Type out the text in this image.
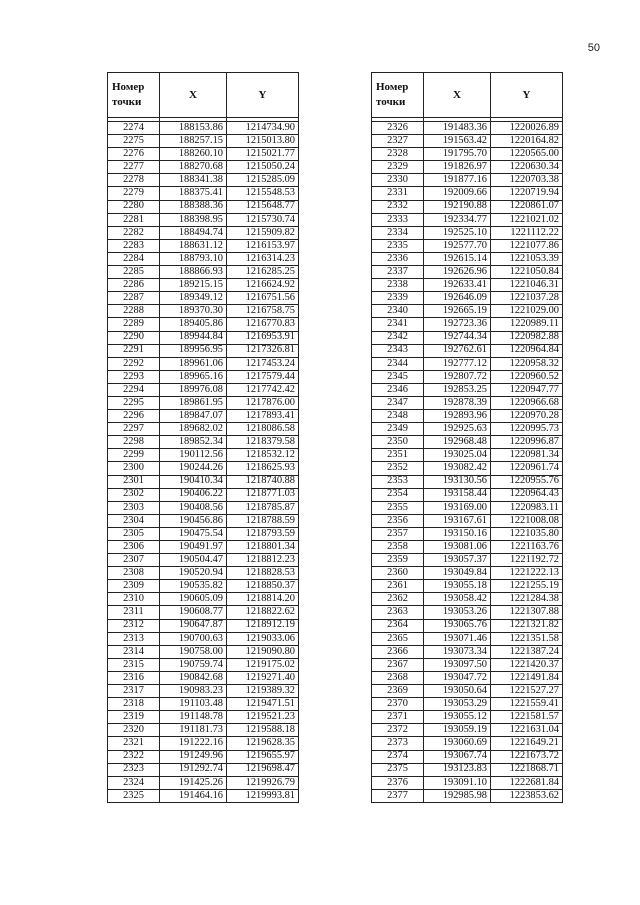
50
Номер
точки	X	Y

2274	188153.86	1214734.90
2275	188257.15	1215013.80
2276	188260.10	1215021.77
2277	188270.68	1215050.24
2278	188341.38	1215285.09
2279	188375.41	1215548.53
2280	188388.36	1215648.77
2281	188398.95	1215730.74
2282	188494.74	1215909.82
2283	188631.12	1216153.97
2284	188793.10	1216314.23
2285	188866.93	1216285.25
2286	189215.15	1216624.92
2287	189349.12	1216751.56
2288	189370.30	1216758.75
2289	189405.86	1216770.83
2290	189944.84	1216953.91
2291	189956.95	1217326.81
2292	189961.06	1217453.24
2293	189965.16	1217579.44
2294	189976.08	1217742.42
2295	189861.95	1217876.00
2296	189847.07	1217893.41
2297	189682.02	1218086.58
2298	189852.34	1218379.58
2299	190112.56	1218532.12
2300	190244.26	1218625.93
2301	190410.34	1218740.88
2302	190406.22	1218771.03
2303	190408.56	1218785.87
2304	190456.86	1218788.59
2305	190475.54	1218793.59
2306	190491.97	1218801.34
2307	190504.47	1218812.23
2308	190520.94	1218828.53
2309	190535.82	1218850.37
2310	190605.09	1218814.20
2311	190608.77	1218822.62
2312	190647.87	1218912.19
2313	190700.63	1219033.06
2314	190758.00	1219090.80
2315	190759.74	1219175.02
2316	190842.68	1219271.40
2317	190983.23	1219389.32
2318	191103.48	1219471.51
2319	191148.78	1219521.23
2320	191181.73	1219588.18
2321	191222.16	1219628.35
2322	191249.96	1219655.97
2323	191292.74	1219698.47
2324	191425.26	1219926.79
2325	191464.16	1219993.81
Номер
точки	X	Y

2326	191483.36	1220026.89
2327	191563.42	1220164.82
2328	191795.70	1220565.00
2329	191826.97	1220630.34
2330	191877.16	1220703.38
2331	192009.66	1220719.94
2332	192190.88	1220861.07
2333	192334.77	1221021.02
2334	192525.10	1221112.22
2335	192577.70	1221077.86
2336	192615.14	1221053.39
2337	192626.96	1221050.84
2338	192633.41	1221046.31
2339	192646.09	1221037.28
2340	192665.19	1221029.00
2341	192723.36	1220989.11
2342	192744.34	1220982.88
2343	192762.61	1220964.84
2344	192777.12	1220958.32
2345	192807.72	1220960.52
2346	192853.25	1220947.77
2347	192878.39	1220966.68
2348	192893.96	1220970.28
2349	192925.63	1220995.73
2350	192968.48	1220996.87
2351	193025.04	1220981.34
2352	193082.42	1220961.74
2353	193130.56	1220955.76
2354	193158.44	1220964.43
2355	193169.00	1220983.11
2356	193167.61	1221008.08
2357	193150.16	1221035.80
2358	193081.06	1221163.76
2359	193057.37	1221192.72
2360	193049.84	1221222.13
2361	193055.18	1221255.19
2362	193058.42	1221284.38
2363	193053.26	1221307.88
2364	193065.76	1221321.82
2365	193071.46	1221351.58
2366	193073.34	1221387.24
2367	193097.50	1221420.37
2368	193047.72	1221491.84
2369	193050.64	1221527.27
2370	193053.29	1221559.41
2371	193055.12	1221581.57
2372	193059.19	1221631.04
2373	193060.69	1221649.21
2374	193067.74	1221673.72
2375	193123.83	1221868.71
2376	193091.10	1222681.84
2377	192985.98	1223853.62
